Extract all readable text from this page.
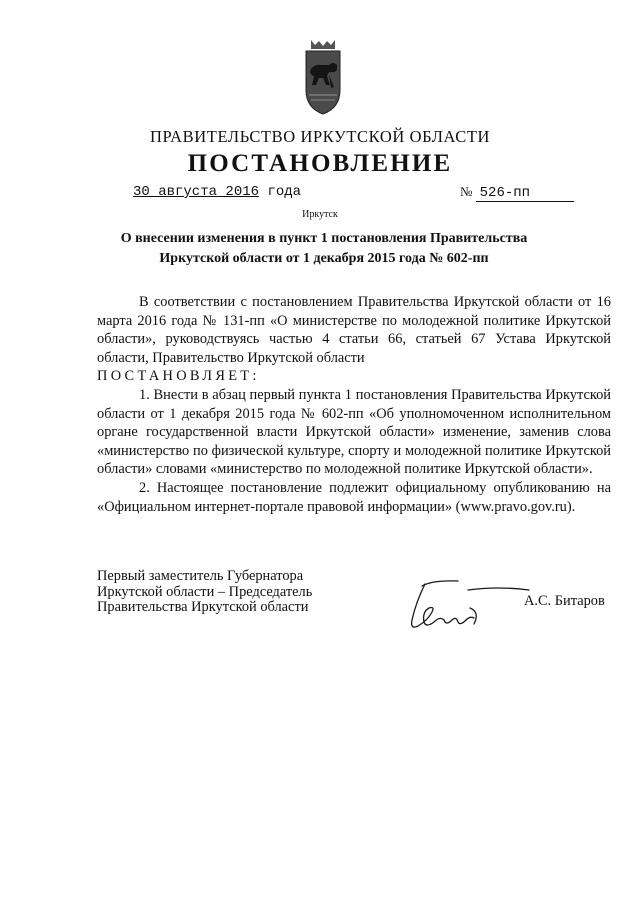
ПРАВИТЕЛЬСТВО ИРКУТСКОЙ ОБЛАСТИ
ПОСТАНОВЛЕНИЕ
30 августа 2016 года	№ 526-пп
Иркутск
О внесении изменения в пункт 1 постановления Правительства
Иркутской области от 1 декабря 2015 года № 602-пп

В соответствии с постановлением Правительства Иркутской области от 16 марта 2016 года № 131-пп «О министерстве по молодежной политике Иркутской области», руководствуясь частью 4 статьи 66, статьей 67 Устава Иркутской области, Правительство Иркутской области

ПОСТАНОВЛЯЕТ:

1. Внести в абзац первый пункта 1 постановления Правительства Иркутской области от 1 декабря 2015 года № 602-пп «Об уполномоченном исполнительном органе государственной власти Иркутской области» изменение, заменив слова «министерство по физической культуре, спорту и молодежной политике Иркутской области» словами «министерство по молодежной политике Иркутской области».

2. Настоящее постановление подлежит официальному опубликованию на «Официальном интернет-портале правовой информации» (www.pravo.gov.ru).

Первый заместитель Губернатора
Иркутской области – Председатель
Правительства Иркутской области	А.С. Битаров
